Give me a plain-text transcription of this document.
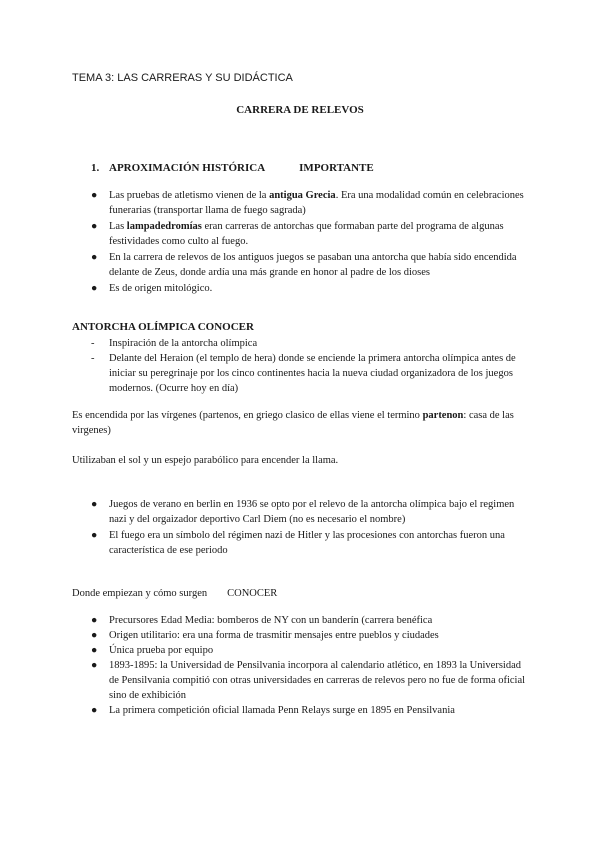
TEMA 3: LAS CARRERAS Y SU DIDÁCTICA
CARRERA DE RELEVOS
1. APROXIMACIÓN HISTÓRICA	IMPORTANTE
● Las pruebas de atletismo vienen de la antigua Grecia. Era una modalidad común en celebraciones funerarias (transportar llama de fuego sagrada)
● Las lampadedromías eran carreras de antorchas que formaban parte del programa de algunas festividades como culto al fuego.
● En la carrera de relevos de los antiguos juegos se pasaban una antorcha que había sido encendida delante de Zeus, donde ardía una más grande en honor al padre de los dioses
● Es de origen mitológico.
ANTORCHA OLÍMPICA CONOCER
- Inspiración de la antorcha olímpica
- Delante del Heraion (el templo de hera) donde se enciende la primera antorcha olímpica antes de iniciar su peregrinaje por los cinco continentes hacia la nueva ciudad organizadora de los juegos modernos. (Ocurre hoy en día)
Es encendida por las vírgenes (partenos, en griego clasico de ellas viene el termino partenon: casa de las virgenes)
Utilizaban el sol y un espejo parabólico para encender la llama.
● Juegos de verano en berlin en 1936 se opto por el relevo de la antorcha olímpica bajo el regimen nazi y del orgaizador deportivo Carl Diem (no es necesario el nombre)
● El fuego era un símbolo del régimen nazi de Hitler y las procesiones con antorchas fueron una característica de ese periodo
Donde empiezan y cómo surgen CONOCER
● Precursores Edad Media: bomberos de NY con un banderín (carrera benéfica
● Origen utilitario: era una forma de trasmitir mensajes entre pueblos y ciudades
● Única prueba por equipo
● 1893-1895: la Universidad de Pensilvania incorpora al calendario atlético, en 1893 la Universidad de Pensilvania compitió con otras universidades en carreras de relevos pero no fue de forma oficial sino de exhibición
● La primera competición oficial llamada Penn Relays surge en 1895 en Pensilvania
